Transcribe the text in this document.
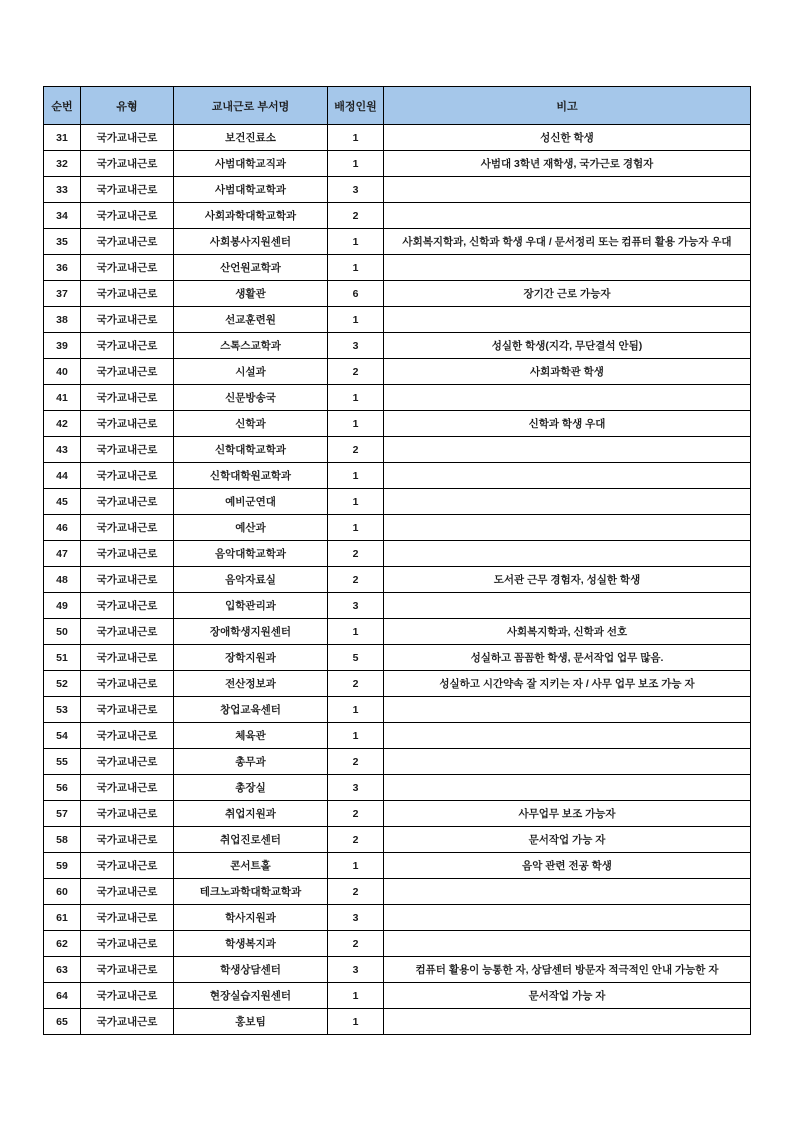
순번	유형	교내근로 부서명	배정인원	비고
31	국가교내근로	보건진료소	1	성신한 학생
32	국가교내근로	사범대학교직과	1	사범대 3학년 재학생, 국가근로 경험자
33	국가교내근로	사범대학교학과	3	
34	국가교내근로	사회과학대학교학과	2	
35	국가교내근로	사회봉사지원센터	1	사회복지학과, 신학과 학생 우대 / 문서정리 또는 컴퓨터 활용 가능자 우대
36	국가교내근로	산언원교학과	1	
37	국가교내근로	생활관	6	장기간 근로 가능자
38	국가교내근로	선교훈련원	1	
39	국가교내근로	스톡스교학과	3	성실한 학생(지각, 무단결석 안됨)
40	국가교내근로	시설과	2	사회과학관 학생
41	국가교내근로	신문방송국	1	
42	국가교내근로	신학과	1	신학과 학생 우대
43	국가교내근로	신학대학교학과	2	
44	국가교내근로	신학대학원교학과	1	
45	국가교내근로	예비군연대	1	
46	국가교내근로	예산과	1	
47	국가교내근로	음악대학교학과	2	
48	국가교내근로	음악자료실	2	도서관 근무 경험자, 성실한 학생
49	국가교내근로	입학관리과	3	
50	국가교내근로	장애학생지원센터	1	사회복지학과, 신학과 선호
51	국가교내근로	장학지원과	5	성실하고 꼼꼼한 학생, 문서작업 업무 많음.
52	국가교내근로	전산정보과	2	성실하고 시간약속 잘 지키는 자 / 사무 업무 보조 가능 자
53	국가교내근로	창업교육센터	1	
54	국가교내근로	체육관	1	
55	국가교내근로	총무과	2	
56	국가교내근로	총장실	3	
57	국가교내근로	취업지원과	2	사무업무 보조 가능자
58	국가교내근로	취업진로센터	2	문서작업 가능 자
59	국가교내근로	콘서트홀	1	음악 관련 전공 학생
60	국가교내근로	테크노과학대학교학과	2	
61	국가교내근로	학사지원과	3	
62	국가교내근로	학생복지과	2	
63	국가교내근로	학생상담센터	3	컴퓨터 활용이 능통한 자, 상담센터 방문자 적극적인 안내 가능한 자
64	국가교내근로	현장실습지원센터	1	문서작업 가능 자
65	국가교내근로	홍보팀	1	
